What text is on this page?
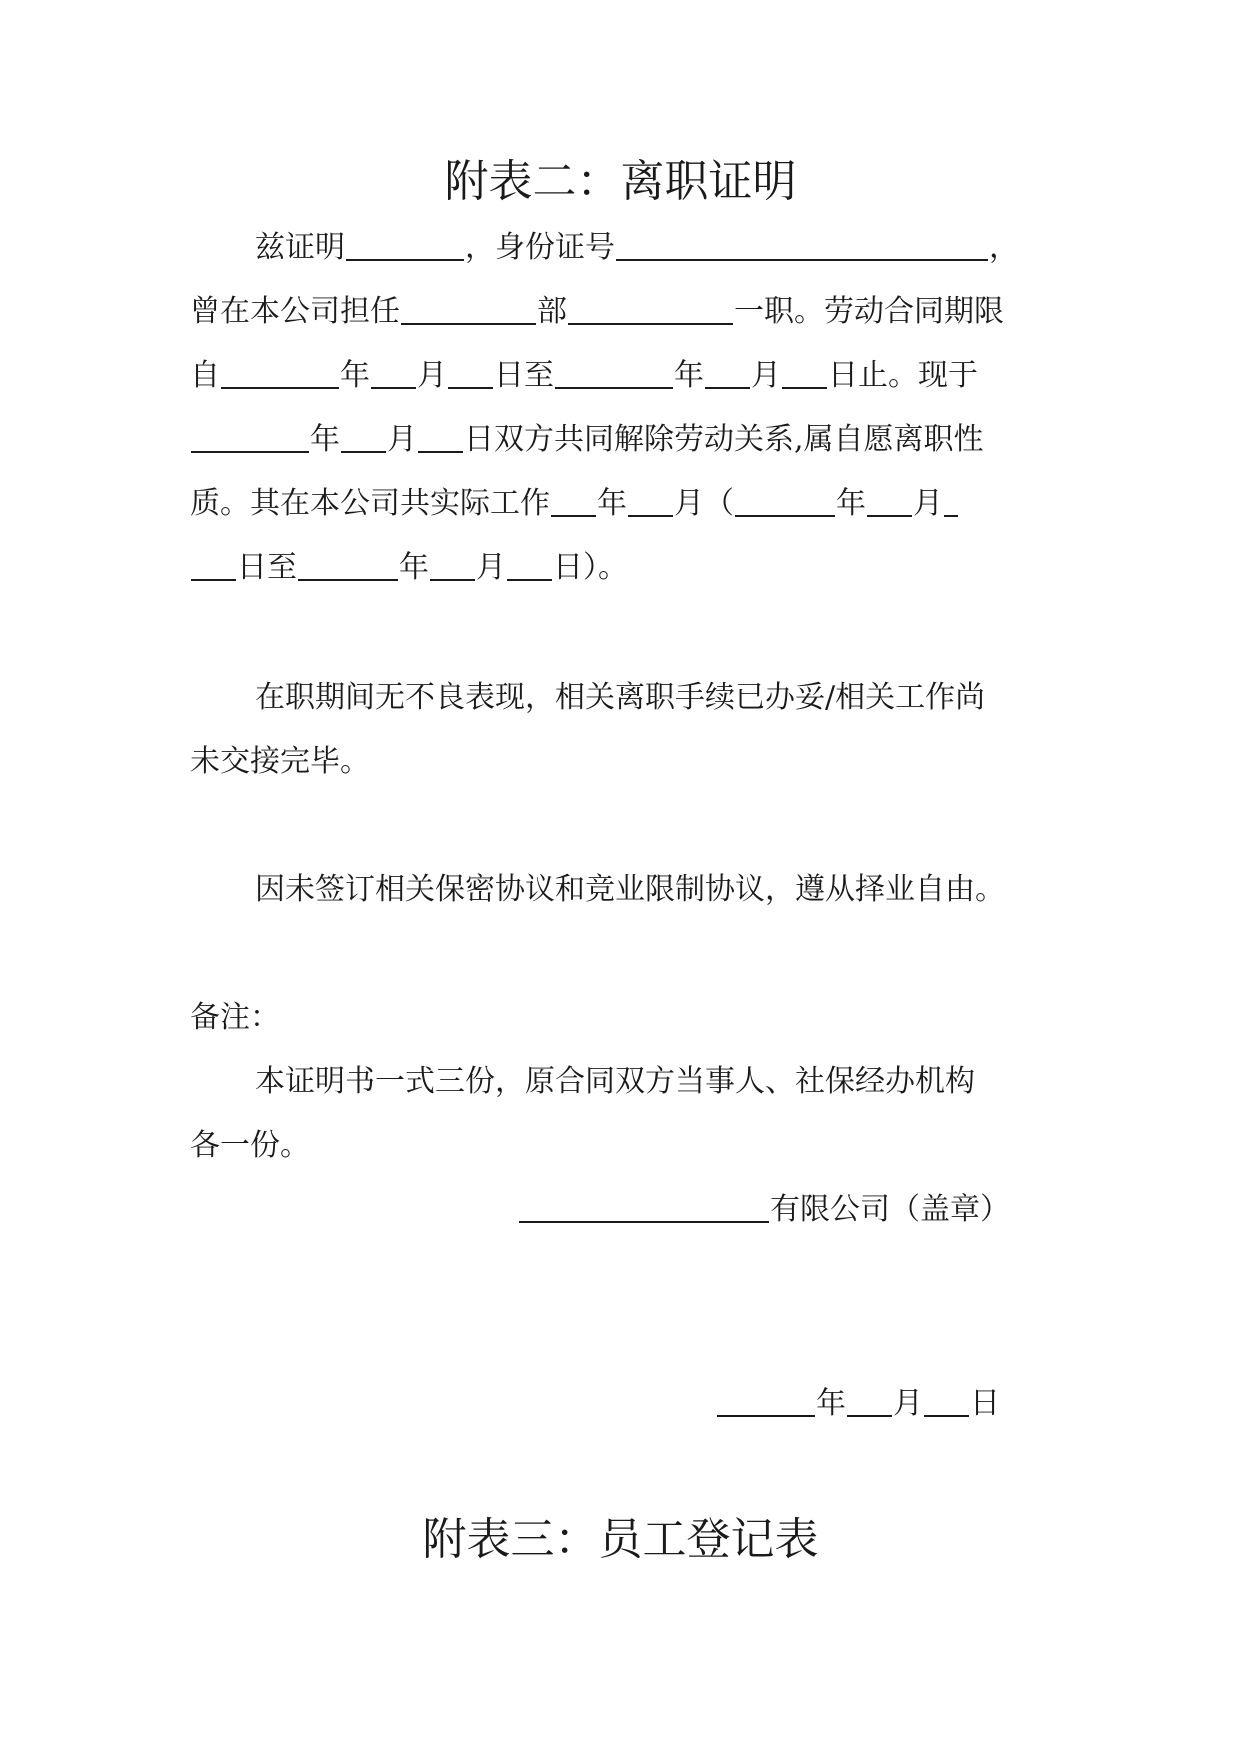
附表二：离职证明
兹证明	，身份证号	，
曾在本公司担任	部	一职。劳动合同期限
自	年 月 日至	年 月 日止。现于
年 月 日双方共同解除劳动关系,属自愿离职性
质。其在本公司共实际工作 年 月（	年 月
日至	年 月 日）。
在职期间无不良表现，相关离职手续已办妥/相关工作尚
未交接完毕。
因未签订相关保密协议和竞业限制协议，遵从择业自由。
备注：
本证明书一式三份，原合同双方当事人、社保经办机构
各一份。
有限公司（盖章）
年 月 日
附表三：员工登记表
